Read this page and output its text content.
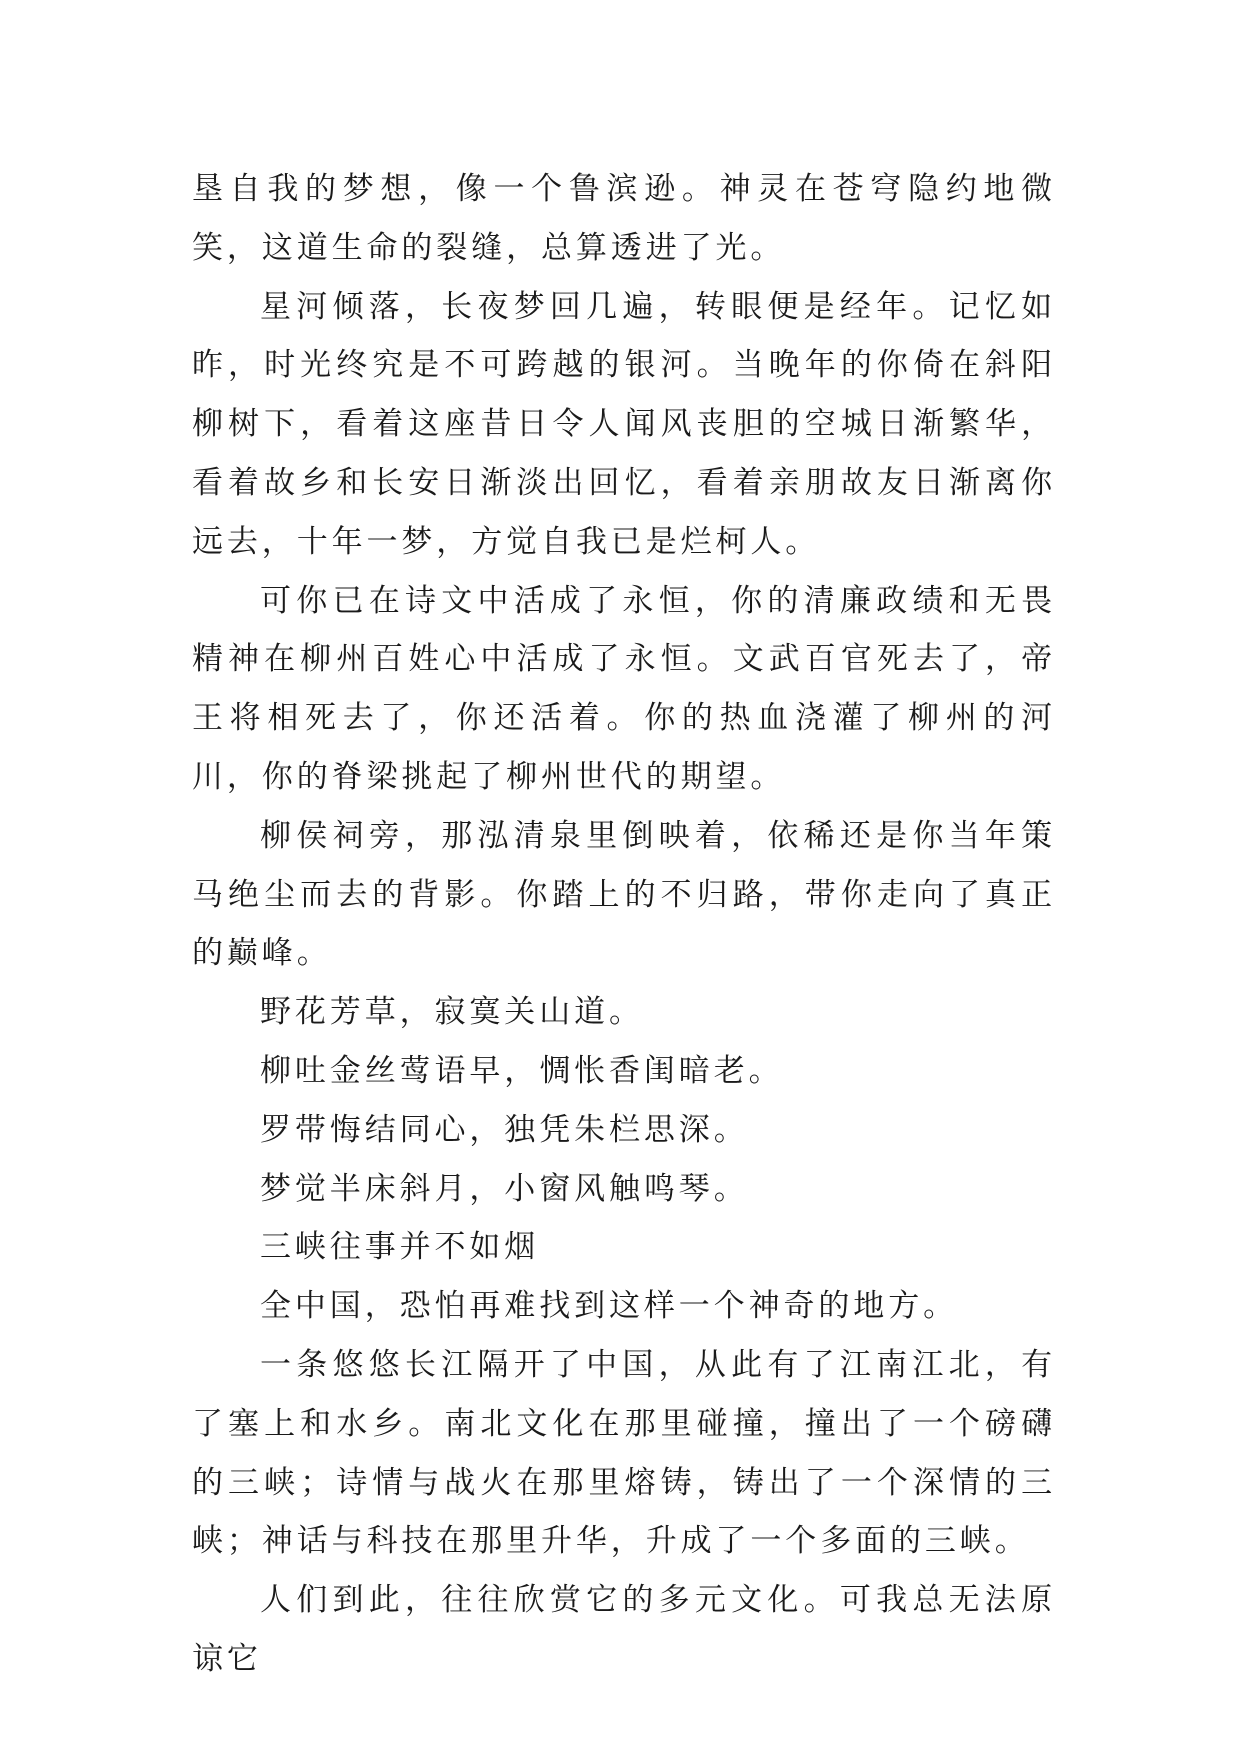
垦自我的梦想，像一个鲁滨逊。神灵在苍穹隐约地微笑，这道生命的裂缝，总算透进了光。

星河倾落，长夜梦回几遍，转眼便是经年。记忆如昨，时光终究是不可跨越的银河。当晚年的你倚在斜阳柳树下，看着这座昔日令人闻风丧胆的空城日渐繁华，看着故乡和长安日渐淡出回忆，看着亲朋故友日渐离你远去，十年一梦，方觉自我已是烂柯人。

可你已在诗文中活成了永恒，你的清廉政绩和无畏精神在柳州百姓心中活成了永恒。文武百官死去了，帝王将相死去了，你还活着。你的热血浇灌了柳州的河川，你的脊梁挑起了柳州世代的期望。

柳侯祠旁，那泓清泉里倒映着，依稀还是你当年策马绝尘而去的背影。你踏上的不归路，带你走向了真正的巅峰。

野花芳草，寂寞关山道。

柳吐金丝莺语早，惆怅香闺暗老。

罗带悔结同心，独凭朱栏思深。

梦觉半床斜月，小窗风触鸣琴。

三峡往事并不如烟

全中国，恐怕再难找到这样一个神奇的地方。

一条悠悠长江隔开了中国，从此有了江南江北，有了塞上和水乡。南北文化在那里碰撞，撞出了一个磅礴的三峡；诗情与战火在那里熔铸，铸出了一个深情的三峡；神话与科技在那里升华，升成了一个多面的三峡。

人们到此，往往欣赏它的多元文化。可我总无法原谅它
